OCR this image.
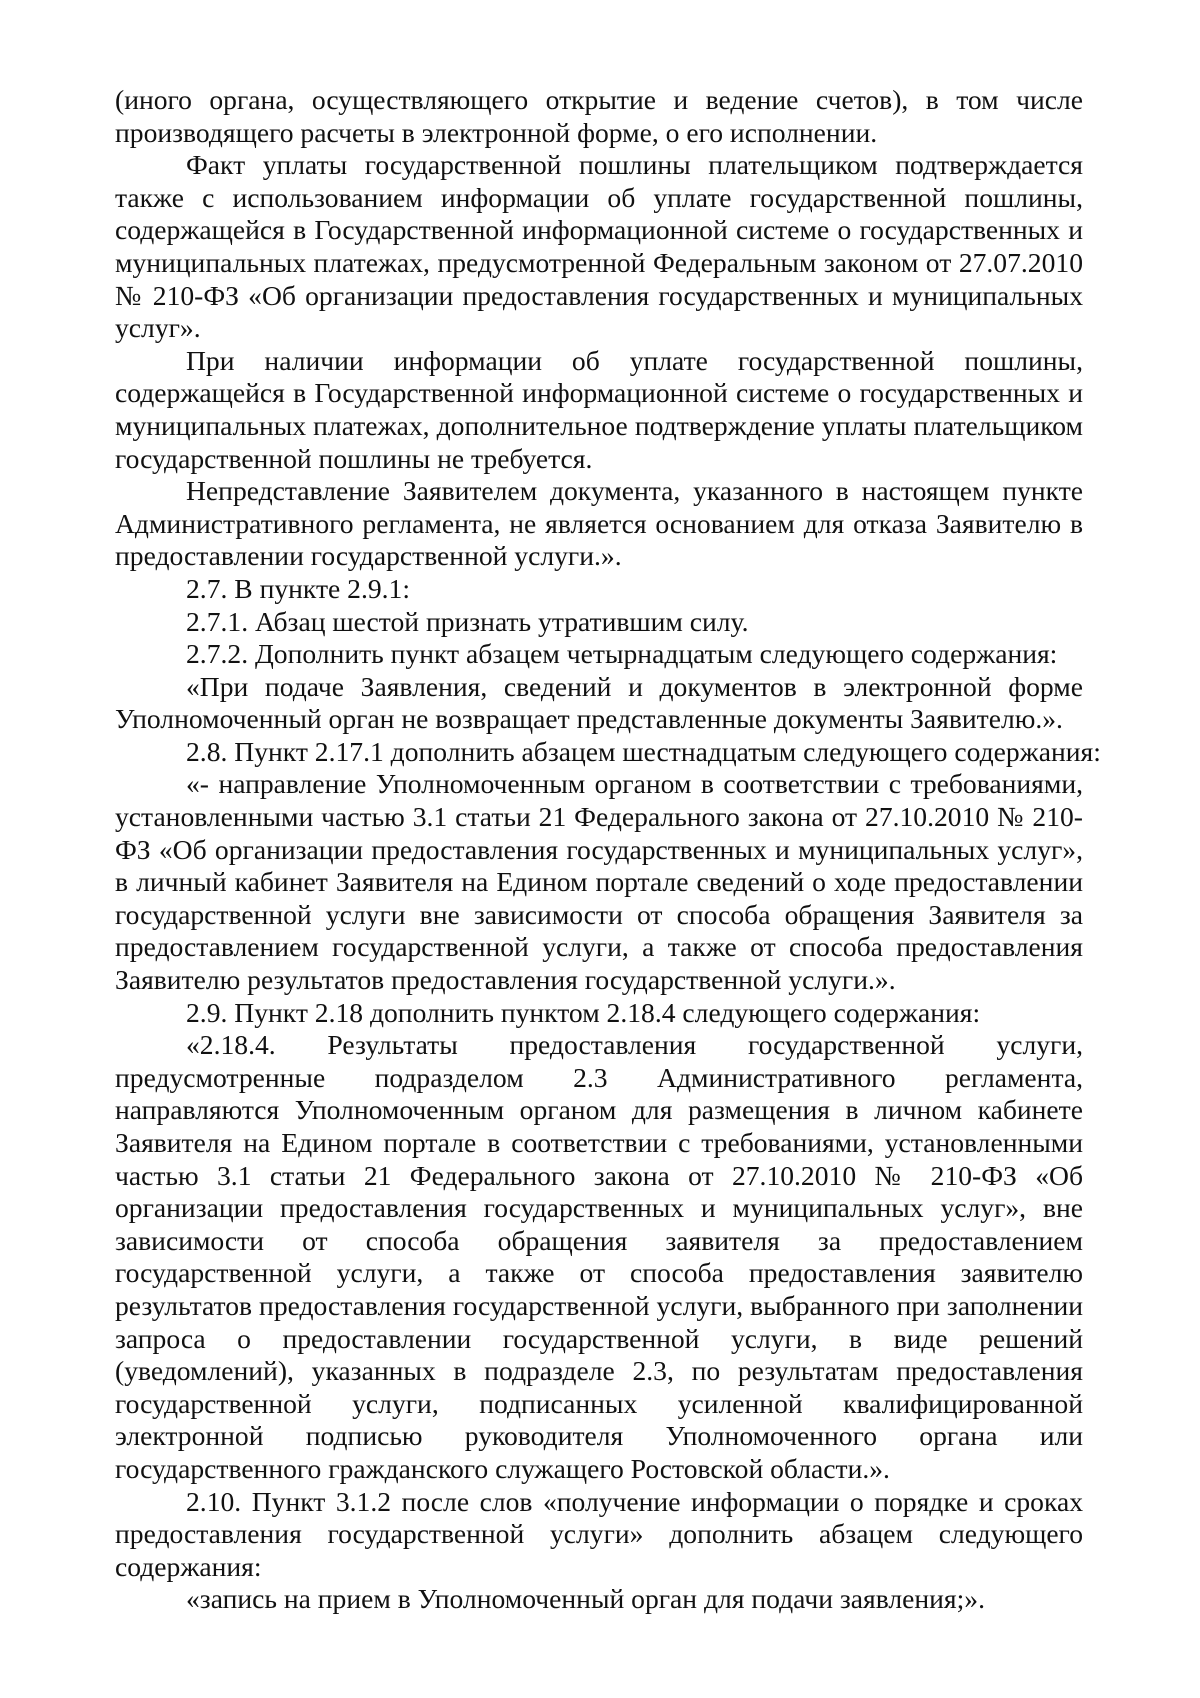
(иного органа, осуществляющего открытие и ведение счетов), в том числе производящего расчеты в электронной форме, о его исполнении.

Факт уплаты государственной пошлины плательщиком подтверждается также с использованием информации об уплате государственной пошлины, содержащейся в Государственной информационной системе о государственных и муниципальных платежах, предусмотренной Федеральным законом от 27.07.2010 № 210-ФЗ «Об организации предоставления государственных и муниципальных услуг».

При наличии информации об уплате государственной пошлины, содержащейся в Государственной информационной системе о государственных и муниципальных платежах, дополнительное подтверждение уплаты плательщиком государственной пошлины не требуется.

Непредставление Заявителем документа, указанного в настоящем пункте Административного регламента, не является основанием для отказа Заявителю в предоставлении государственной услуги.».

2.7. В пункте 2.9.1:

2.7.1. Абзац шестой признать утратившим силу.

2.7.2. Дополнить пункт абзацем четырнадцатым следующего содержания:

«При подаче Заявления, сведений и документов в электронной форме Уполномоченный орган не возвращает представленные документы Заявителю.».

2.8. Пункт 2.17.1 дополнить абзацем шестнадцатым следующего содержания:

«- направление Уполномоченным органом в соответствии с требованиями, установленными частью 3.1 статьи 21 Федерального закона от 27.10.2010 № 210-ФЗ «Об организации предоставления государственных и муниципальных услуг», в личный кабинет Заявителя на Едином портале сведений о ходе предоставлении государственной услуги вне зависимости от способа обращения Заявителя за предоставлением государственной услуги, а также от способа предоставления Заявителю результатов предоставления государственной услуги.».

2.9. Пункт 2.18 дополнить пунктом 2.18.4 следующего содержания:

«2.18.4. Результаты предоставления государственной услуги, предусмотренные подразделом 2.3 Административного регламента, направляются Уполномоченным органом для размещения в личном кабинете Заявителя на Едином портале в соответствии с требованиями, установленными частью 3.1 статьи 21 Федерального закона от 27.10.2010 № 210-ФЗ «Об организации предоставления государственных и муниципальных услуг», вне зависимости от способа обращения заявителя за предоставлением государственной услуги, а также от способа предоставления заявителю результатов предоставления государственной услуги, выбранного при заполнении запроса о предоставлении государственной услуги, в виде решений (уведомлений), указанных в подразделе 2.3, по результатам предоставления государственной услуги, подписанных усиленной квалифицированной электронной подписью руководителя Уполномоченного органа или государственного гражданского служащего Ростовской области.».

2.10. Пункт 3.1.2 после слов «получение информации о порядке и сроках предоставления государственной услуги» дополнить абзацем следующего содержания:

«запись на прием в Уполномоченный орган для подачи заявления;».
